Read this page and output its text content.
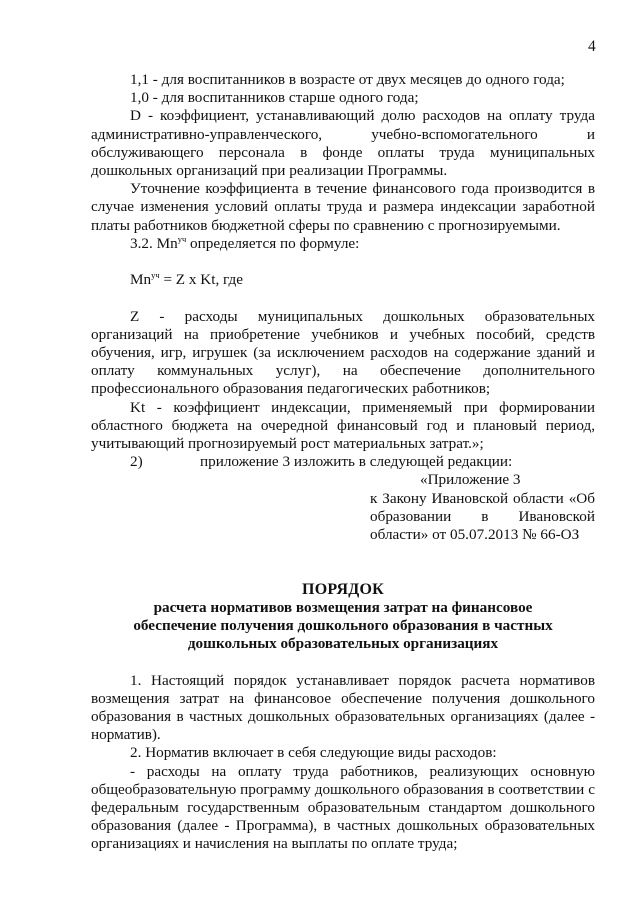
4

1,1 - для воспитанников в возрасте от двух месяцев до одного года;

1,0 - для воспитанников старше одного года;

D - коэффициент, устанавливающий долю расходов на оплату труда административно-управленческого, учебно-вспомогательного и обслуживающего персонала в фонде оплаты труда муниципальных дошкольных организаций при реализации Программы.

Уточнение коэффициента в течение финансового года производится в случае изменения условий оплаты труда и размера индексации заработной платы работников бюджетной сферы по сравнению с прогнозируемыми.

3.2. $Mn^{уч}$ определяется по формуле:

$Mn^{уч} = Z$ x Kt, где

Z - расходы муниципальных дошкольных образовательных организаций на приобретение учебников и учебных пособий, средств обучения, игр, игрушек (за исключением расходов на содержание зданий и оплату коммунальных услуг), на обеспечение дополнительного профессионального образования педагогических работников;

Kt - коэффициент индексации, применяемый при формировании областного бюджета на очередной финансовый год и плановый период, учитывающий прогнозируемый рост материальных затрат.»;

2)	приложение 3 изложить в следующей редакции:

«Приложение 3

к Закону Ивановской области «Об образовании в Ивановской области» от 05.07.2013 № 66-ОЗ

ПОРЯДОК

расчета нормативов возмещения затрат на финансовое

обеспечение получения дошкольного образования в частных

дошкольных образовательных организациях

1. Настоящий порядок устанавливает порядок расчета нормативов возмещения затрат на финансовое обеспечение получения дошкольного образования в частных дошкольных образовательных организациях (далее - норматив).

2. Норматив включает в себя следующие виды расходов:

- расходы на оплату труда работников, реализующих основную общеобразовательную программу дошкольного образования в соответствии с федеральным государственным образовательным стандартом дошкольного образования (далее - Программа), в частных дошкольных образовательных организациях и начисления на выплаты по оплате труда;
